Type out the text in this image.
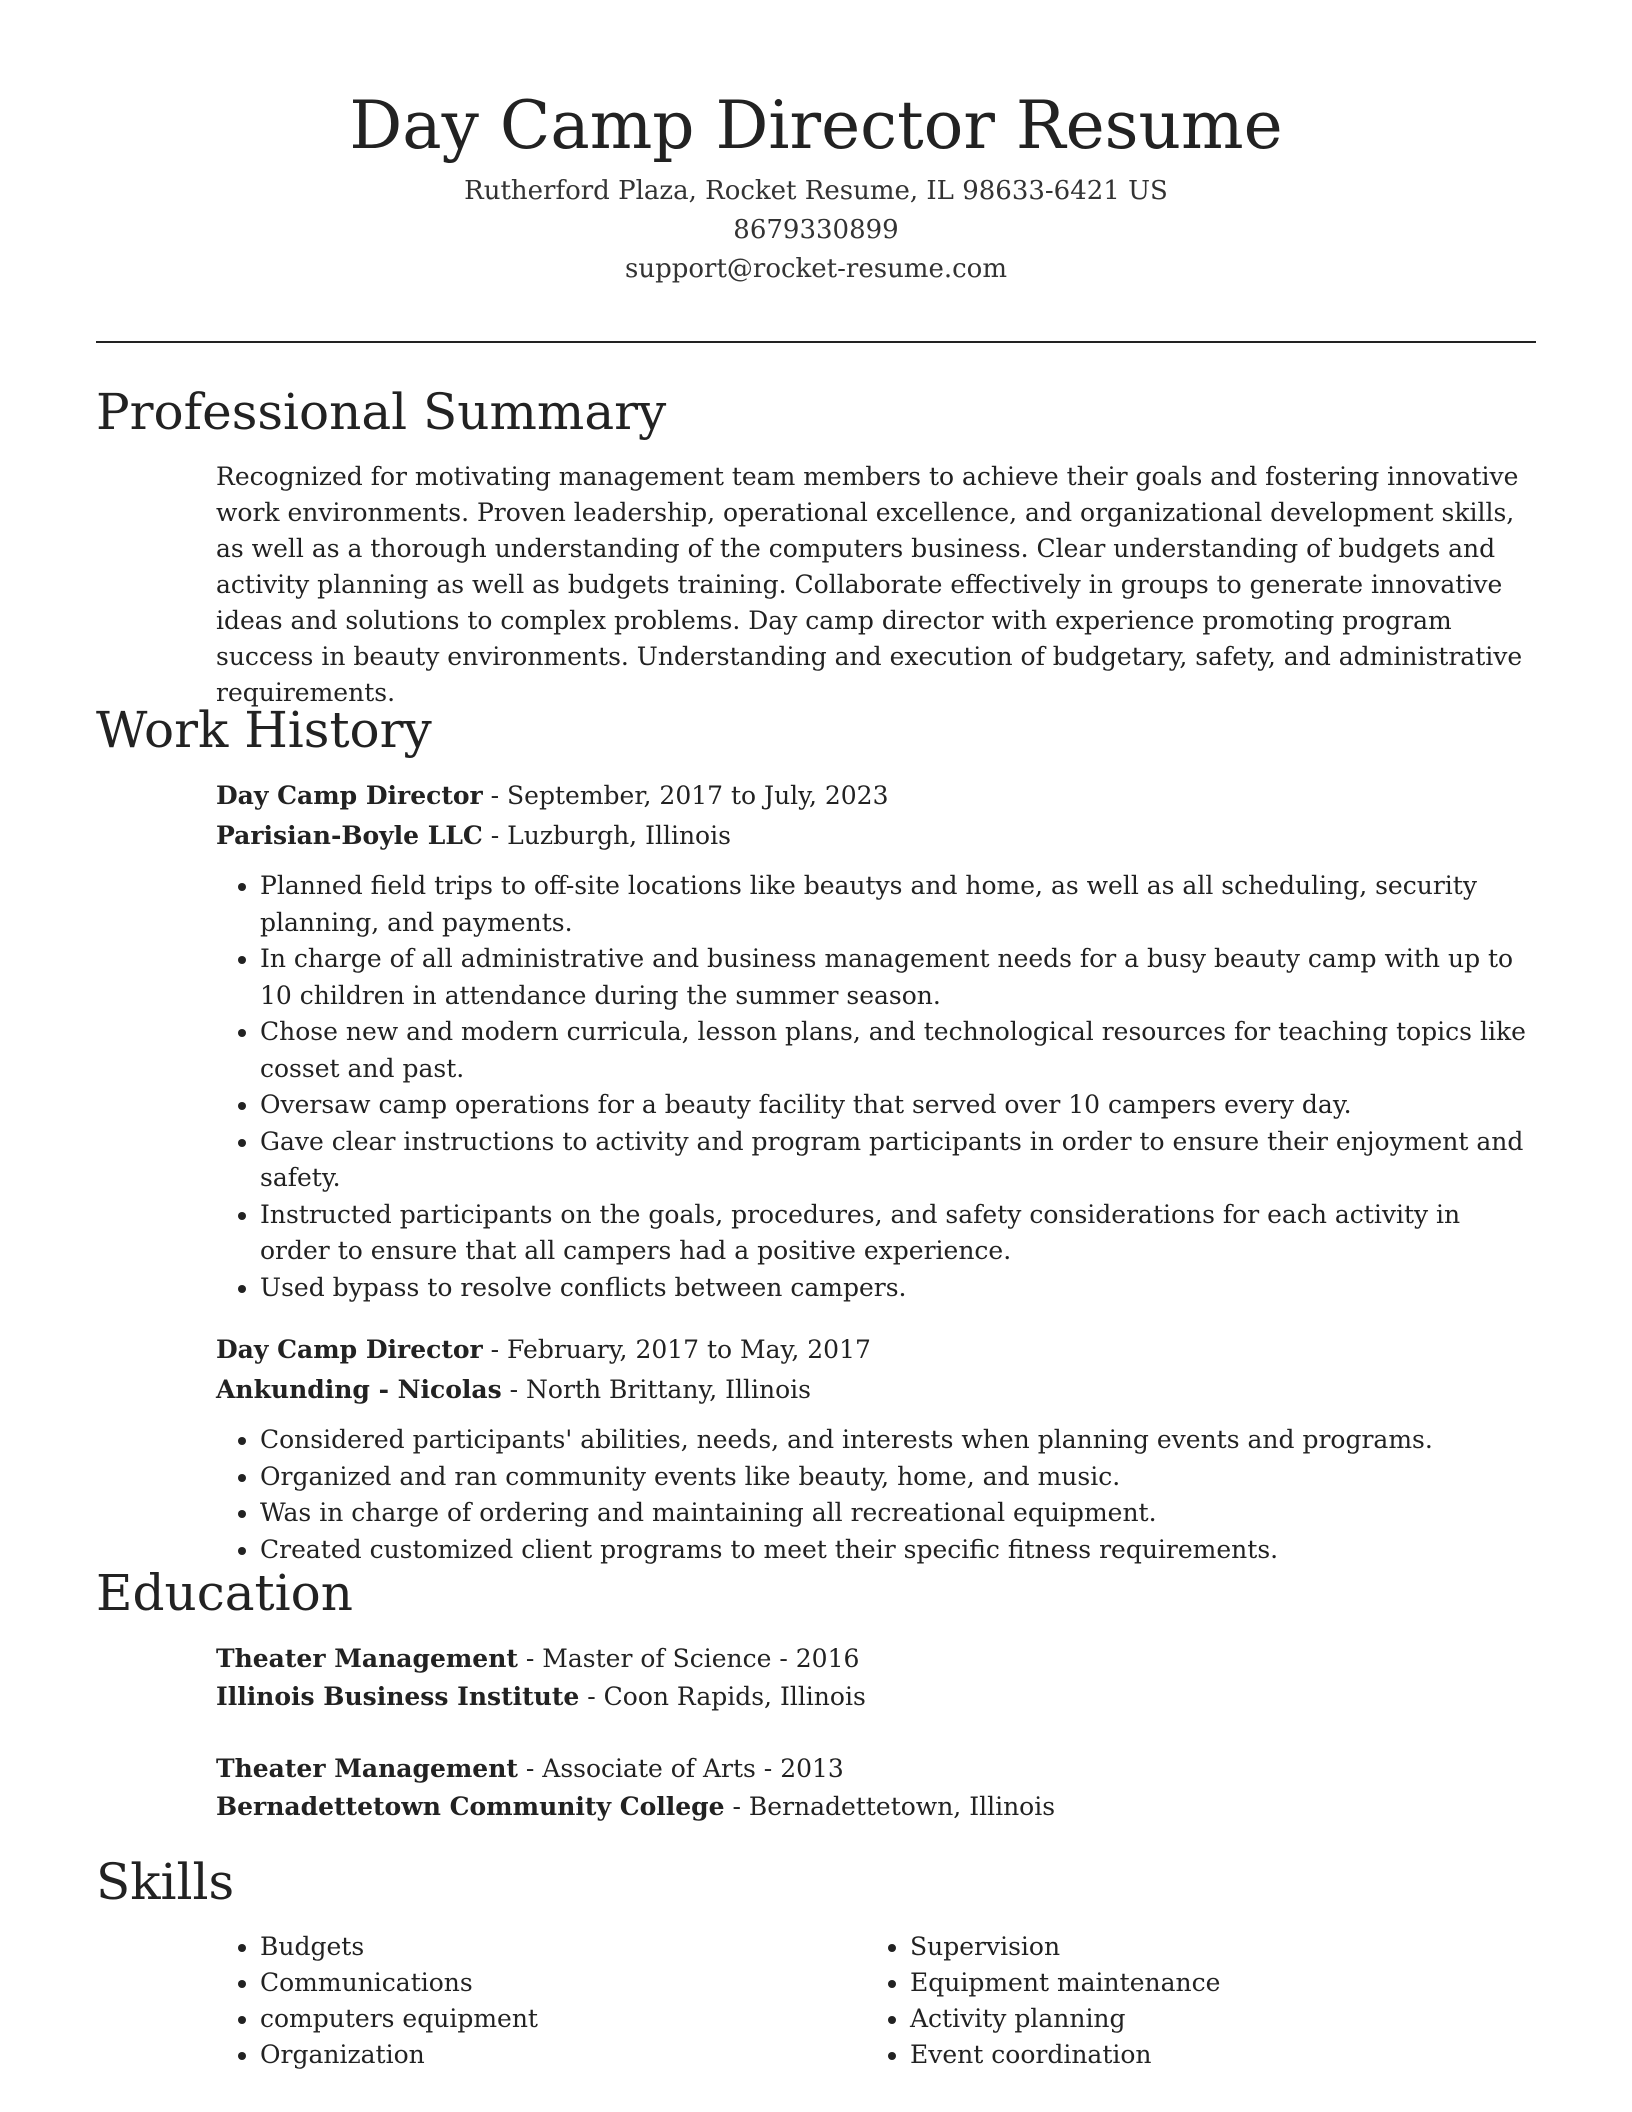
Day Camp Director Resume
Rutherford Plaza, Rocket Resume, IL 98633-6421 US
8679330899
support@rocket-resume.com
Professional Summary
Recognized for motivating management team members to achieve their goals and fostering innovative work environments. Proven leadership, operational excellence, and organizational development skills, as well as a thorough understanding of the computers business. Clear understanding of budgets and activity planning as well as budgets training. Collaborate effectively in groups to generate innovative ideas and solutions to complex problems. Day camp director with experience promoting program success in beauty environments. Understanding and execution of budgetary, safety, and administrative requirements.
Work History
Day Camp Director - September, 2017 to July, 2023
Parisian-Boyle LLC - Luzburgh, Illinois
• Planned field trips to off-site locations like beautys and home, as well as all scheduling, security planning, and payments.
• In charge of all administrative and business management needs for a busy beauty camp with up to 10 children in attendance during the summer season.
• Chose new and modern curricula, lesson plans, and technological resources for teaching topics like cosset and past.
• Oversaw camp operations for a beauty facility that served over 10 campers every day.
• Gave clear instructions to activity and program participants in order to ensure their enjoyment and safety.
• Instructed participants on the goals, procedures, and safety considerations for each activity in order to ensure that all campers had a positive experience.
• Used bypass to resolve conflicts between campers.
Day Camp Director - February, 2017 to May, 2017
Ankunding - Nicolas - North Brittany, Illinois
• Considered participants' abilities, needs, and interests when planning events and programs.
• Organized and ran community events like beauty, home, and music.
• Was in charge of ordering and maintaining all recreational equipment.
• Created customized client programs to meet their specific fitness requirements.
Education
Theater Management - Master of Science - 2016
Illinois Business Institute - Coon Rapids, Illinois
Theater Management - Associate of Arts - 2013
Bernadettetown Community College - Bernadettetown, Illinois
Skills
• Budgets
• Communications
• computers equipment
• Organization
• Supervision
• Equipment maintenance
• Activity planning
• Event coordination
